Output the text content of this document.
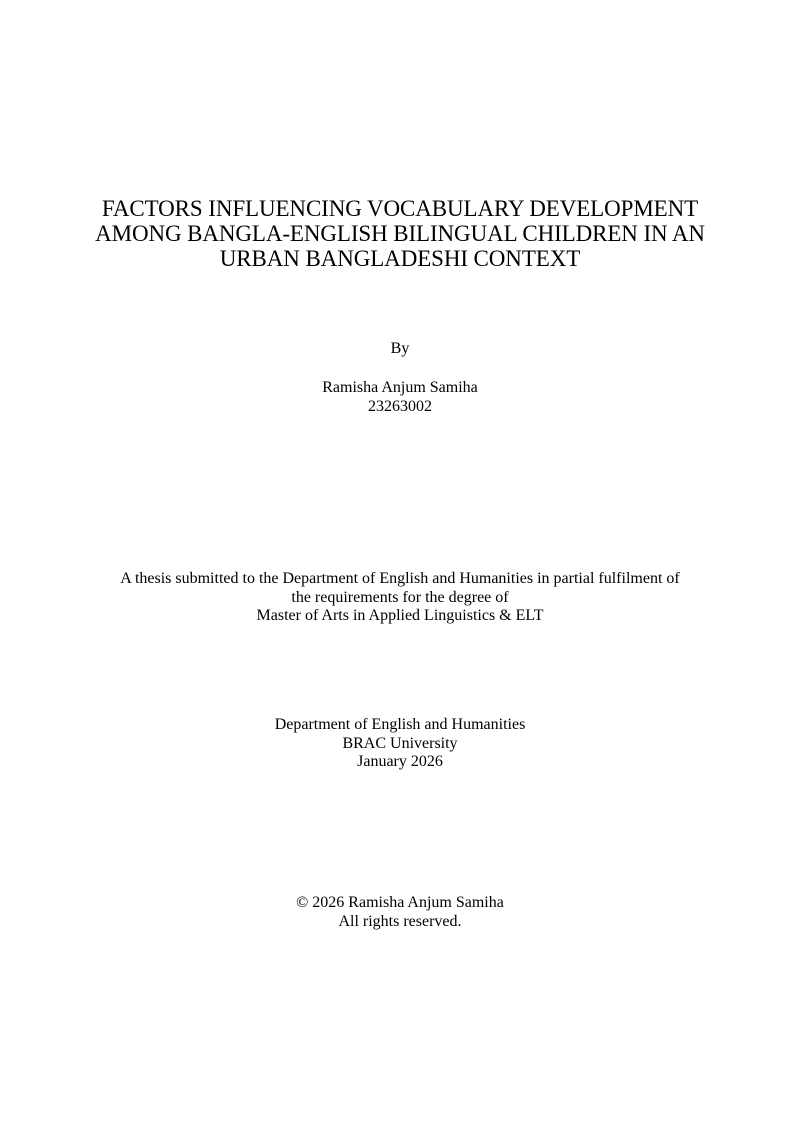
FACTORS INFLUENCING VOCABULARY DEVELOPMENT
AMONG BANGLA-ENGLISH BILINGUAL CHILDREN IN AN
URBAN BANGLADESHI CONTEXT
By
Ramisha Anjum Samiha
23263002
A thesis submitted to the Department of English and Humanities in partial fulfilment of
the requirements for the degree of
Master of Arts in Applied Linguistics & ELT
Department of English and Humanities
BRAC University
January 2026
© 2026 Ramisha Anjum Samiha
All rights reserved.
